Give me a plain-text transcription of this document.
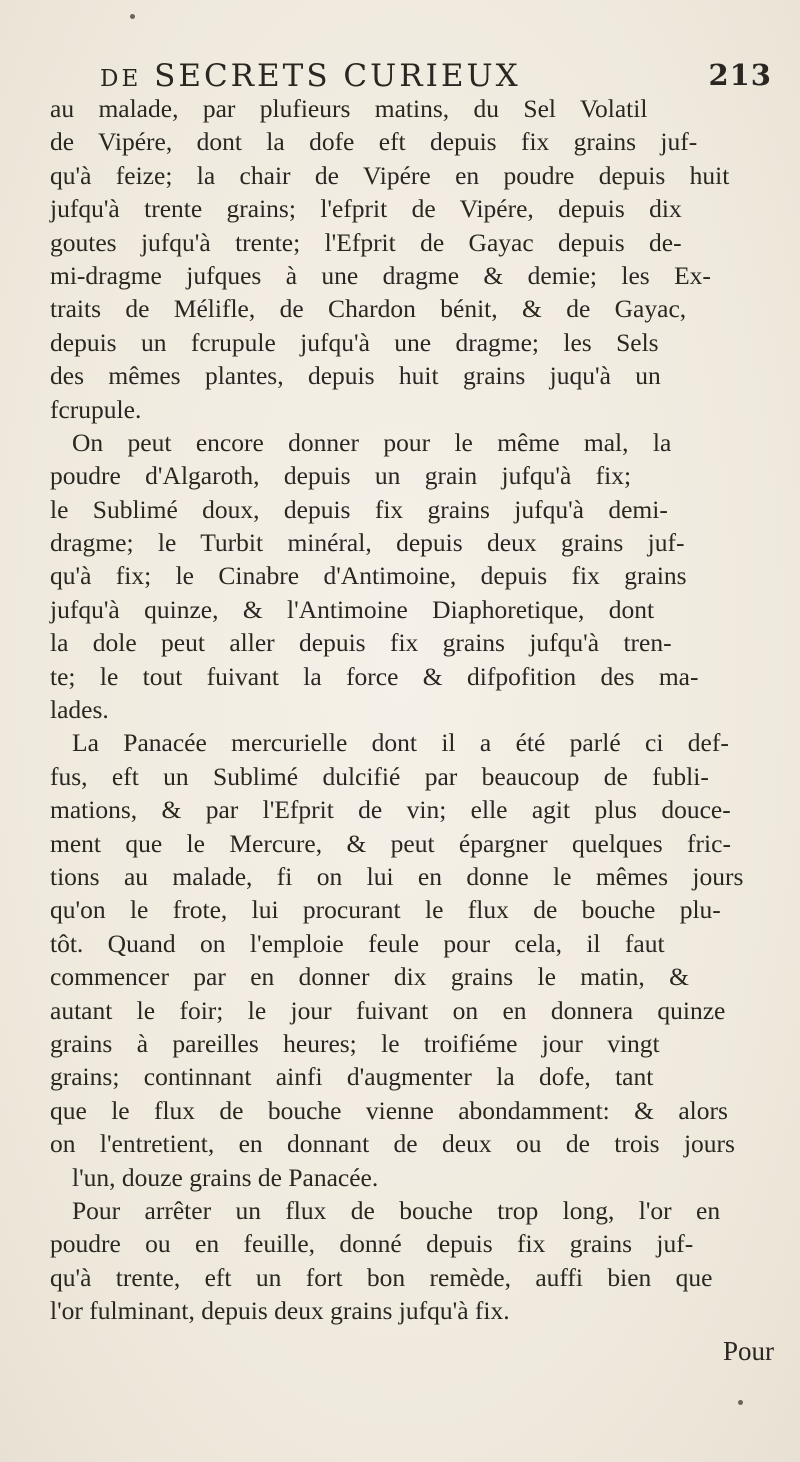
DE SECRETS CURIEUX	213
au malade, par plufieurs matins, du Sel Volatil
de Vipére, dont la dofe eft depuis fix grains juf-
qu'à feize; la chair de Vipére en poudre depuis huit
jufqu'à trente grains; l'efprit de Vipére, depuis dix
goutes jufqu'à trente; l'Efprit de Gayac depuis de-
mi-dragme jufques à une dragme & demie; les Ex-
traits de Mélifle, de Chardon bénit, & de Gayac,
depuis un fcrupule jufqu'à une dragme; les Sels
des mêmes plantes, depuis huit grains juqu'à un
fcrupule.
On peut encore donner pour le même mal, la
poudre d'Algaroth, depuis un grain jufqu'à fix;
le Sublimé doux, depuis fix grains jufqu'à demi-
dragme; le Turbit minéral, depuis deux grains juf-
qu'à fix; le Cinabre d'Antimoine, depuis fix grains
jufqu'à quinze, & l'Antimoine Diaphoretique, dont
la dole peut aller depuis fix grains jufqu'à tren-
te; le tout fuivant la force & difpofition des ma-
lades.
La Panacée mercurielle dont il a été parlé ci def-
fus, eft un Sublimé dulcifié par beaucoup de fubli-
mations, & par l'Efprit de vin; elle agit plus douce-
ment que le Mercure, & peut épargner quelques fric-
tions au malade, fi on lui en donne le mêmes jours
qu'on le frote, lui procurant le flux de bouche plu-
tôt. Quand on l'emploie feule pour cela, il faut
commencer par en donner dix grains le matin, &
autant le foir; le jour fuivant on en donnera quinze
grains à pareilles heures; le troifiéme jour vingt
grains; continnant ainfi d'augmenter la dofe, tant
que le flux de bouche vienne abondamment: & alors
on l'entretient, en donnant de deux ou de trois jours
l'un, douze grains de Panacée.
Pour arrêter un flux de bouche trop long, l'or en
poudre ou en feuille, donné depuis fix grains juf-
qu'à trente, eft un fort bon remède, auffi bien que
l'or fulminant, depuis deux grains jufqu'à fix.
Pour
